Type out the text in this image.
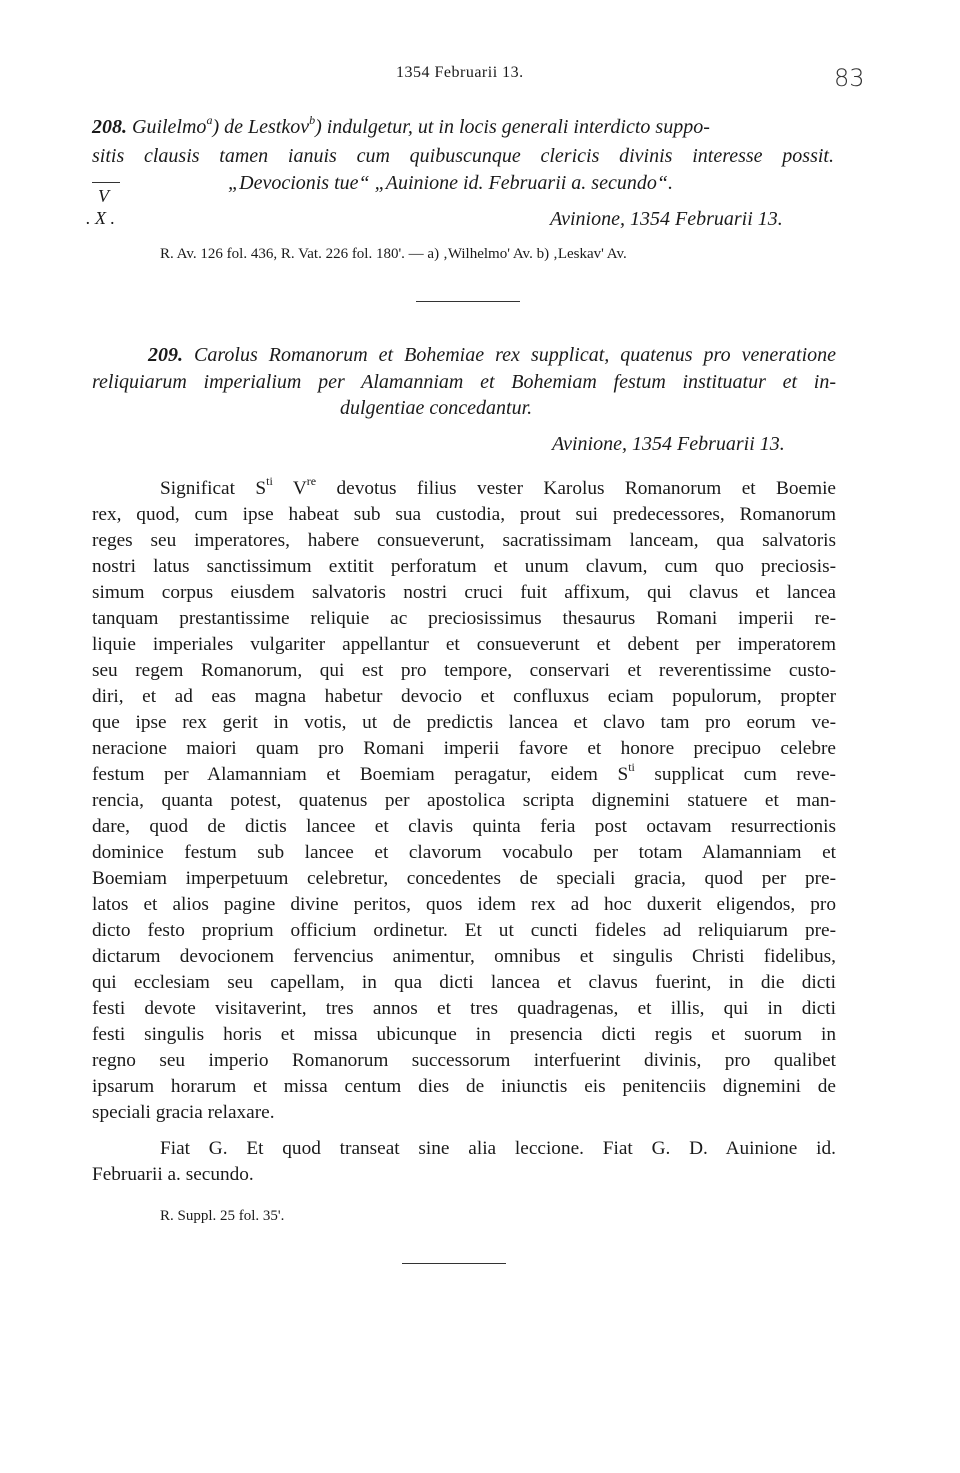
1354 Februarii 13.	83
208. Guilelmo$^a$) de Lestkov$^b$) indulgetur, ut in locis generali interdicto suppo-
sitis clausis tamen ianuis cum quibuscunque clericis divinis interesse possit.
„Devocionis tue“ „Auinione id. Februarii a. secundo“.
V
. X .	Avinione, 1354 Februarii 13.
R. Av. 126 fol. 436, R. Vat. 226 fol. 180'. — a) ‚Wilhelmo' Av. b) ‚Leskav' Av.
209. Carolus Romanorum et Bohemiae rex supplicat, quatenus pro veneratione
reliquiarum imperialium per Alamanniam et Bohemiam festum instituatur et in-
dulgentiae concedantur.
Avinione, 1354 Februarii 13.
Significat $S^{ti}$ Vre devotus filius vester Karolus Romanorum et Boemie
rex, quod, cum ipse habeat sub sua custodia, prout sui predecessores, Romanorum
reges seu imperatores, habere consueverunt, sacratissimam lanceam, qua salvatoris
nostri latus sanctissimum extitit perforatum et unum clavum, cum quo preciosis-
simum corpus eiusdem salvatoris nostri cruci fuit affixum, qui clavus et lancea
tanquam prestantissime reliquie ac preciosissimus thesaurus Romani imperii re-
liquie imperiales vulgariter appellantur et consueverunt et debent per imperatorem
seu regem Romanorum, qui est pro tempore, conservari et reverentissime custo-
diri, et ad eas magna habetur devocio et confluxus eciam populorum, propter
que ipse rex gerit in votis, ut de predictis lancea et clavo tam pro eorum ve-
neracione maiori quam pro Romani imperii favore et honore precipuo celebre
festum per Alamanniam et Boemiam peragatur, eidem $S^{ti}$ supplicat cum reve-
rencia, quanta potest, quatenus per apostolica scripta dignemini statuere et man-
dare, quod de dictis lancee et clavis quinta feria post octavam resurrectionis
dominice festum sub lancee et clavorum vocabulo per totam Alamanniam et
Boemiam imperpetuum celebretur, concedentes de speciali gracia, quod per pre-
latos et alios pagine divine peritos, quos idem rex ad hoc duxerit eligendos, pro
dicto festo proprium officium ordinetur. Et ut cuncti fideles ad reliquiarum pre-
dictarum devocionem fervencius animentur, omnibus et singulis Christi fidelibus,
qui ecclesiam seu capellam, in qua dicti lancea et clavus fuerint, in die dicti
festi devote visitaverint, tres annos et tres quadragenas, et illis, qui in dicti
festi singulis horis et missa ubicunque in presencia dicti regis et suorum in
regno seu imperio Romanorum successorum interfuerint divinis, pro qualibet
ipsarum horarum et missa centum dies de iniunctis eis penitenciis dignemini de
speciali gracia relaxare.
Fiat G. Et quod transeat sine alia leccione. Fiat G. D. Auinione id.
Februarii a. secundo.
R. Suppl. 25 fol. 35'.
